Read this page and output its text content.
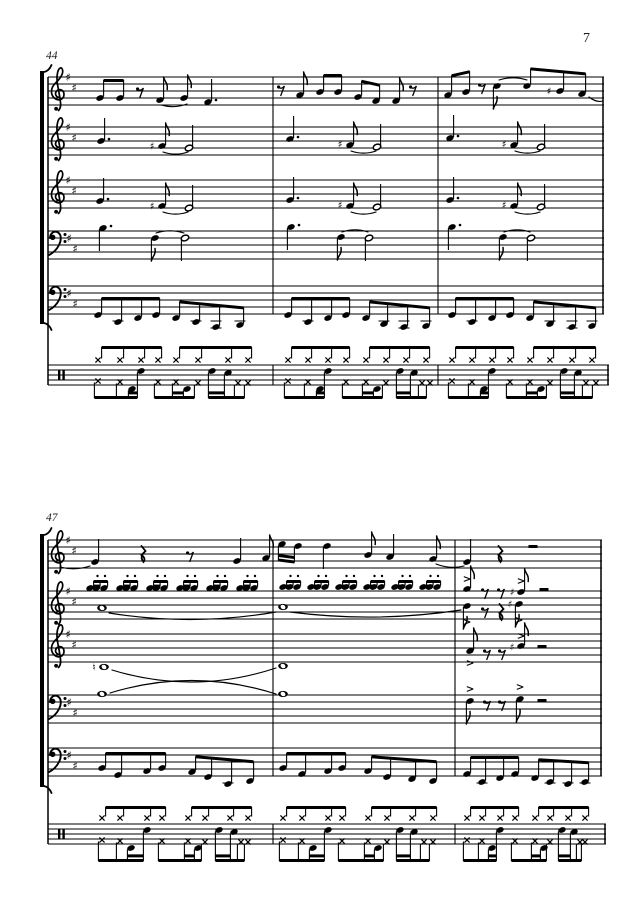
7
44
47
♯
♯
♯
♯
♯
♯
♯
♯
♯
♯
♯
♯	♯	♯
♯	♯	♯
♯
♯
♯
♯
♯
♯
♯
♯
♯
♯
♯
♯
♮
♯
